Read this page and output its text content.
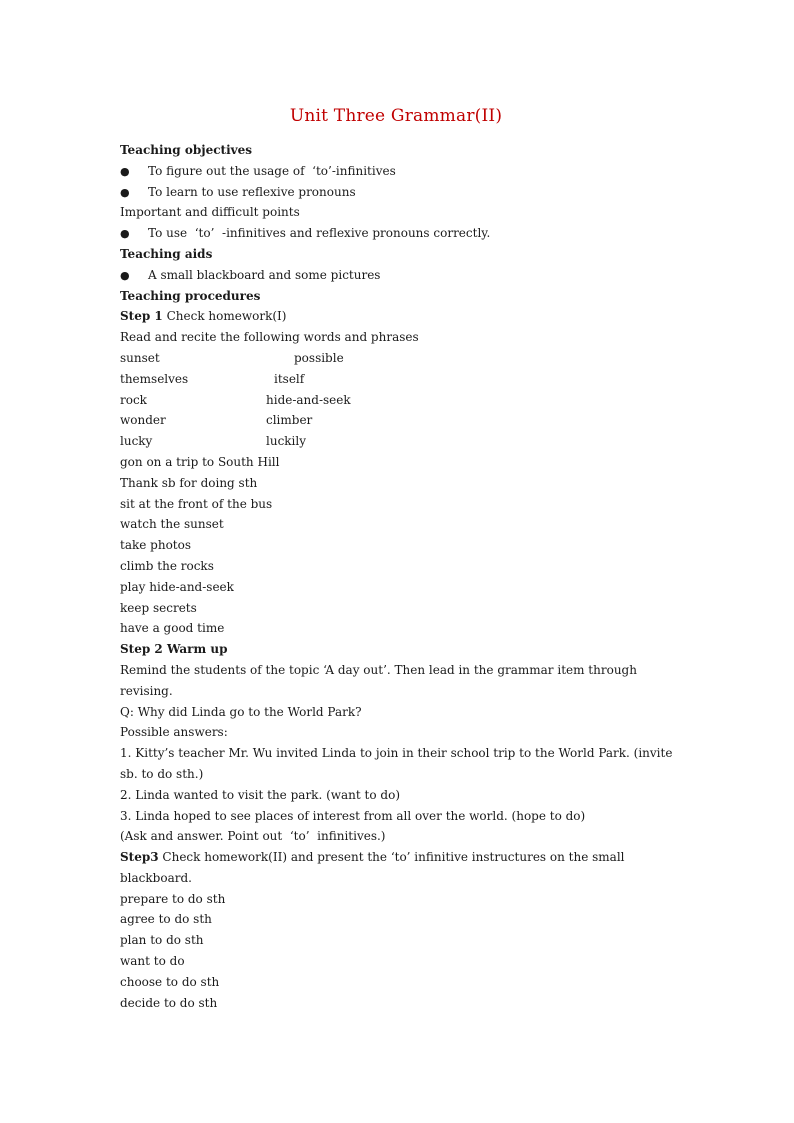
Unit Three Grammar(II)
Teaching objectives
●	To figure out the usage of  ‘to’-infinitives
●	To learn to use reflexive pronouns
Important and difficult points
●	To use  ‘to’  -infinitives and reflexive pronouns correctly.
Teaching aids
●	A small blackboard and some pictures
Teaching procedures
Step 1 Check homework(I)
Read and recite the following words and phrases
sunset	possible
themselves	itself
rock	hide-and-seek
wonder	climber
lucky	luckily
gon on a trip to South Hill
Thank sb for doing sth
sit at the front of the bus
watch the sunset
take photos
climb the rocks
play hide-and-seek
keep secrets
have a good time
Step 2 Warm up
Remind the students of the topic ‘A day out’. Then lead in the grammar item through revising.
Q: Why did Linda go to the World Park?
Possible answers:
1. Kitty’s teacher Mr. Wu invited Linda to join in their school trip to the World Park. (invite sb. to do sth.)
2. Linda wanted to visit the park. (want to do)
3. Linda hoped to see places of interest from all over the world. (hope to do)
(Ask and answer. Point out  ‘to’  infinitives.)
Step3 Check homework(II) and present the ‘to’ infinitive instructures on the small blackboard.
prepare to do sth
agree to do sth
plan to do sth
want to do
choose to do sth
decide to do sth
